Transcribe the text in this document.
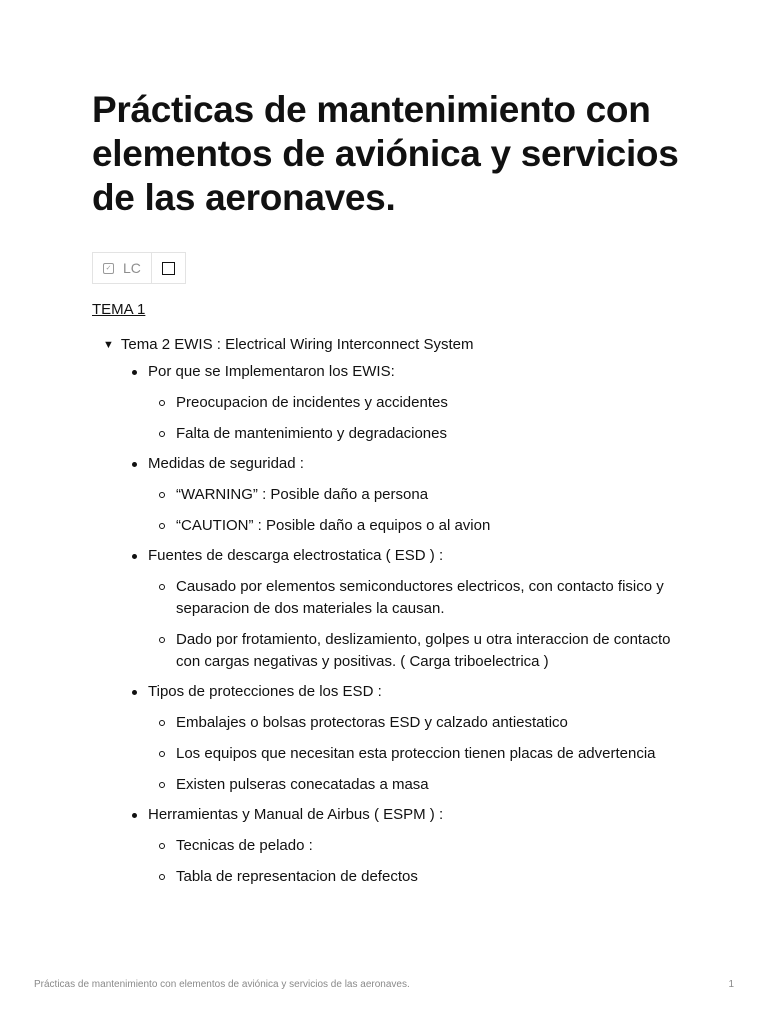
Prácticas de mantenimiento con elementos de aviónica y servicios de las aeronaves.
✓ LC
TEMA 1
▼ Tema 2 EWIS : Electrical Wiring Interconnect System
Por que se Implementaron los EWIS:
Preocupacion de incidentes y accidentes
Falta de mantenimiento y degradaciones
Medidas de seguridad :
“WARNING” : Posible daño a persona
“CAUTION” : Posible daño a equipos o al avion
Fuentes de descarga electrostatica ( ESD ) :
Causado por elementos semiconductores electricos, con contacto fisico y separacion de dos materiales la causan.
Dado por frotamiento, deslizamiento, golpes u otra interaccion de contacto con cargas negativas y positivas. ( Carga triboelectrica )
Tipos de protecciones de los ESD :
Embalajes o bolsas protectoras ESD y calzado antiestatico
Los equipos que necesitan esta proteccion tienen placas de advertencia
Existen pulseras conecatadas a masa
Herramientas y Manual de Airbus ( ESPM ) :
Tecnicas de pelado :
Tabla de representacion de defectos
Prácticas de mantenimiento con elementos de aviónica y servicios de las aeronaves.	1
